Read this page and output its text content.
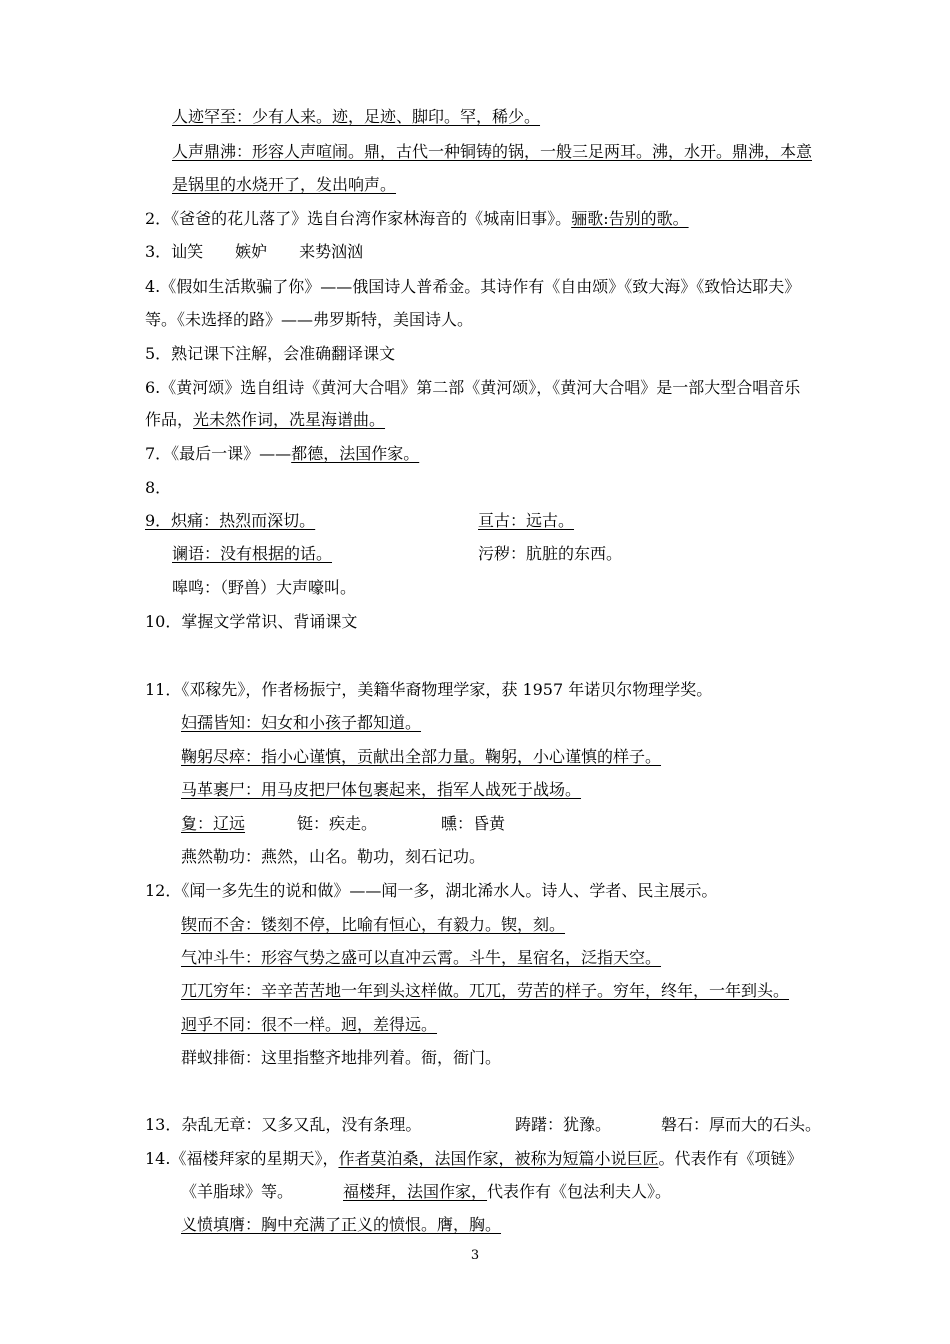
人迹罕至：少有人来。迹，足迹、脚印。罕，稀少。
人声鼎沸：形容人声喧闹。鼎，古代一种铜铸的锅，一般三足两耳。沸，水开。鼎沸，本意
是锅里的水烧开了，发出响声。
2．《爸爸的花儿落了》选自台湾作家林海音的《城南旧事》。骊歌:告别的歌。
3．讪笑　　嫉妒　　来势汹汹
4.《假如生活欺骗了你》——俄国诗人普希金。其诗作有《自由颂》《致大海》《致恰达耶夫》
等。《未选择的路》——弗罗斯特，美国诗人。
5．熟记课下注解，会准确翻译课文
6.《黄河颂》选自组诗《黄河大合唱》第二部《黄河颂》，《黄河大合唱》是一部大型合唱音乐
作品，光未然作词，冼星海谱曲。
7．《最后一课》——都德，法国作家。
8．
9．炽痛：热烈而深切。	亘古：远古。
谰语：没有根据的话。	污秽：肮脏的东西。
嗥鸣：（野兽）大声嚎叫。
10．掌握文学常识、背诵课文
11．《邓稼先》，作者杨振宁，美籍华裔物理学家，获 1957 年诺贝尔物理学奖。
妇孺皆知：妇女和小孩子都知道。
鞠躬尽瘁：指小心谨慎，贡献出全部力量。鞠躬，小心谨慎的样子。
马革裹尸：用马皮把尸体包裹起来，指军人战死于战场。
夐：辽远	铤：疾走。	曛：昏黄
燕然勒功：燕然，山名。勒功，刻石记功。
12．《闻一多先生的说和做》——闻一多，湖北浠水人。诗人、学者、民主展示。
锲而不舍：镂刻不停，比喻有恒心，有毅力。锲，刻。
气冲斗牛：形容气势之盛可以直冲云霄。斗牛，星宿名，泛指天空。
兀兀穷年：辛辛苦苦地一年到头这样做。兀兀，劳苦的样子。穷年，终年，一年到头。
迥乎不同：很不一样。迥，差得远。
群蚁排衙：这里指整齐地排列着。衙，衙门。
13．杂乱无章：又多又乱，没有条理。	踌躇：犹豫。	磐石：厚而大的石头。
14.《福楼拜家的星期天》，作者莫泊桑，法国作家，被称为短篇小说巨匠。代表作有《项链》
《羊脂球》等。	福楼拜，法国作家，代表作有《包法利夫人》。
义愤填膺：胸中充满了正义的愤恨。膺，胸。
3
